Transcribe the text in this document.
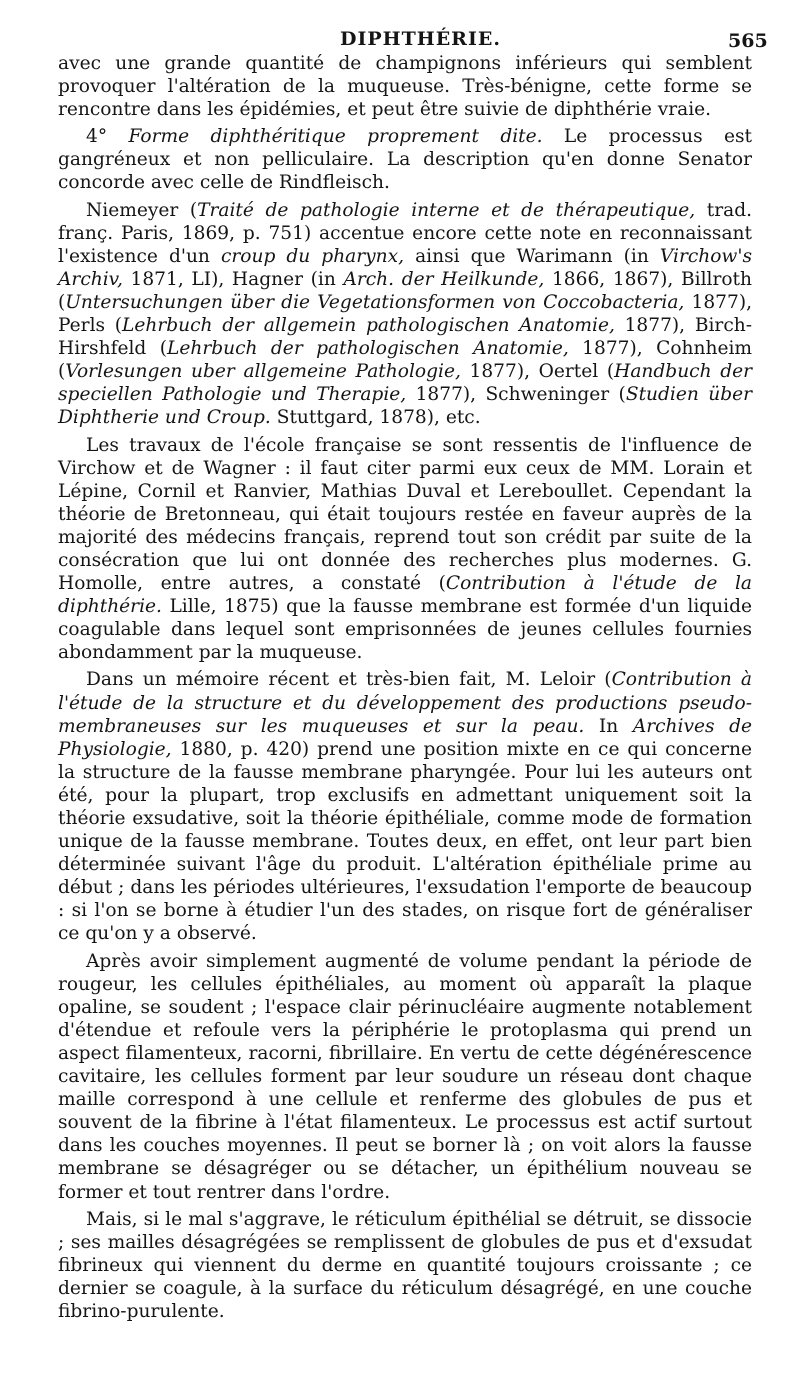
DIPHTHÉRIE.	565

avec une grande quantité de champignons inférieurs qui semblent provoquer l'altération de la muqueuse. Très-bénigne, cette forme se rencontre dans les épidémies, et peut être suivie de diphthérie vraie.

4° Forme diphthéritique proprement dite. Le processus est gangréneux et non pelliculaire. La description qu'en donne Senator concorde avec celle de Rindfleisch.

Niemeyer (Traité de pathologie interne et de thérapeutique, trad. franç. Paris, 1869, p. 751) accentue encore cette note en reconnaissant l'existence d'un croup du pharynx, ainsi que Warimann (in Virchow's Archiv, 1871, LI), Hagner (in Arch. der Heilkunde, 1866, 1867), Billroth (Untersuchungen über die Vegetationsformen von Coccobacteria, 1877), Perls (Lehrbuch der allgemein pathologischen Anatomie, 1877), Birch-Hirshfeld (Lehrbuch der pathologischen Anatomie, 1877), Cohnheim (Vorlesungen uber allgemeine Pathologie, 1877), Oertel (Handbuch der speciellen Pathologie und Therapie, 1877), Schweninger (Studien über Diphtherie und Croup. Stuttgard, 1878), etc.

Les travaux de l'école française se sont ressentis de l'influence de Virchow et de Wagner : il faut citer parmi eux ceux de MM. Lorain et Lépine, Cornil et Ranvier, Mathias Duval et Lereboullet. Cependant la théorie de Bretonneau, qui était toujours restée en faveur auprès de la majorité des médecins français, reprend tout son crédit par suite de la consécration que lui ont donnée des recherches plus modernes. G. Homolle, entre autres, a constaté (Contribution à l'étude de la diphthérie. Lille, 1875) que la fausse membrane est formée d'un liquide coagulable dans lequel sont emprisonnées de jeunes cellules fournies abondamment par la muqueuse.

Dans un mémoire récent et très-bien fait, M. Leloir (Contribution à l'étude de la structure et du développement des productions pseudo-membraneuses sur les muqueuses et sur la peau. In Archives de Physiologie, 1880, p. 420) prend une position mixte en ce qui concerne la structure de la fausse membrane pharyngée. Pour lui les auteurs ont été, pour la plupart, trop exclusifs en admettant uniquement soit la théorie exsudative, soit la théorie épithéliale, comme mode de formation unique de la fausse membrane. Toutes deux, en effet, ont leur part bien déterminée suivant l'âge du produit. L'altération épithéliale prime au début ; dans les périodes ultérieures, l'exsudation l'emporte de beaucoup : si l'on se borne à étudier l'un des stades, on risque fort de généraliser ce qu'on y a observé.

Après avoir simplement augmenté de volume pendant la période de rougeur, les cellules épithéliales, au moment où apparaît la plaque opaline, se soudent ; l'espace clair périnucléaire augmente notablement d'étendue et refoule vers la périphérie le protoplasma qui prend un aspect filamenteux, racorni, fibrillaire. En vertu de cette dégénérescence cavitaire, les cellules forment par leur soudure un réseau dont chaque maille correspond à une cellule et renferme des globules de pus et souvent de la fibrine à l'état filamenteux. Le processus est actif surtout dans les couches moyennes. Il peut se borner là ; on voit alors la fausse membrane se désagréger ou se détacher, un épithélium nouveau se former et tout rentrer dans l'ordre.

Mais, si le mal s'aggrave, le réticulum épithélial se détruit, se dissocie ; ses mailles désagrégées se remplissent de globules de pus et d'exsudat fibrineux qui viennent du derme en quantité toujours croissante ; ce dernier se coagule, à la surface du réticulum désagrégé, en une couche fibrino-purulente.
